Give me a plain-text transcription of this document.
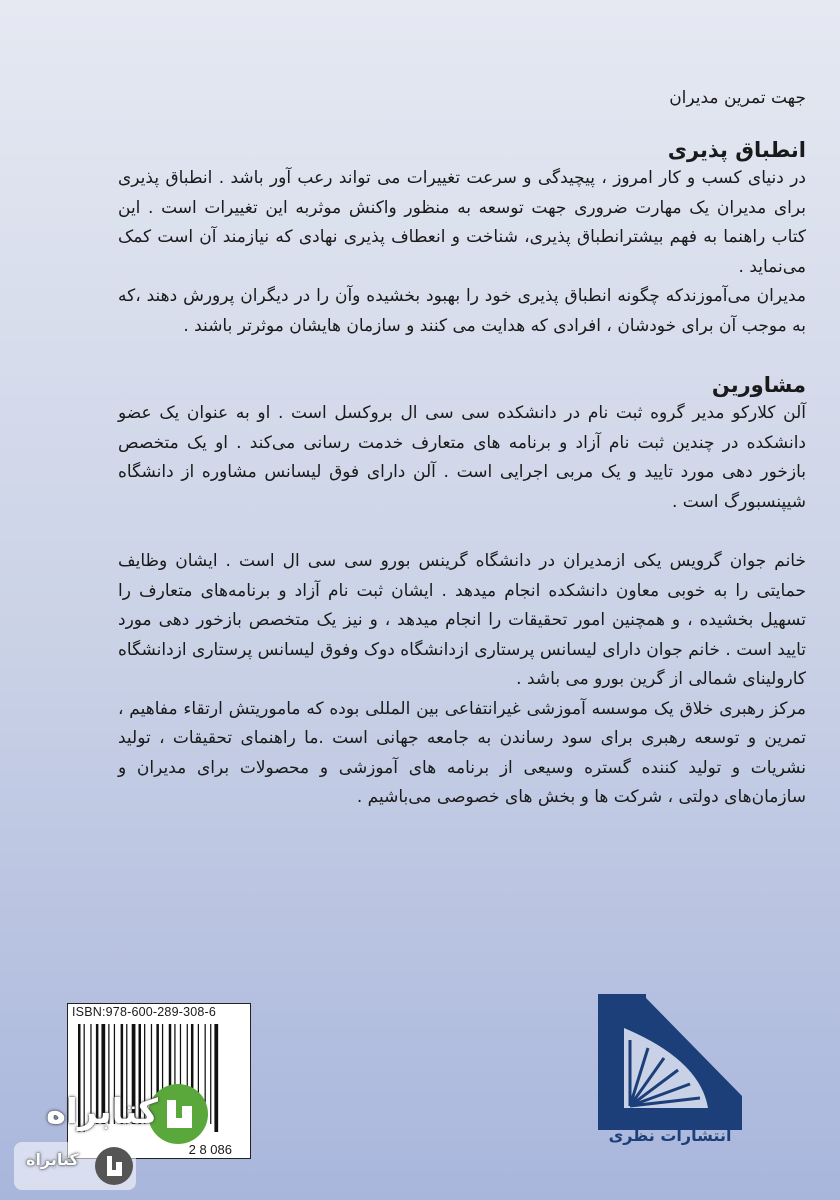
جهت تمرین مدیران
انطباق پذیری

در دنیای کسب و کار امروز ، پیچیدگی و سرعت تغییرات می تواند رعب آور باشد . انطباق پذیری برای مدیران یک مهارت ضروری جهت توسعه به منظور واکنش موثربه این تغییرات است . این کتاب راهنما به فهم بیشترانطباق پذیری، شناخت و انعطاف پذیری نهادی که نیازمند آن است کمک می‌نماید .

مدیران می‌آموزندکه چگونه انطباق پذیری خود را بهبود بخشیده وآن را در دیگران پرورش دهند ،که به موجب آن برای خودشان ، افرادی که هدایت می کنند و سازمان هایشان موثرتر باشند .

مشاورین

آلن کلارکو مدیر گروه ثبت نام در دانشکده سی سی ال بروکسل است . او به عنوان یک عضو دانشکده در چندین ثبت نام آزاد و برنامه های متعارف خدمت رسانی می‌کند . او یک متخصص بازخور دهی مورد تایید و یک مربی اجرایی است . آلن دارای فوق لیسانس مشاوره از دانشگاه شیپنسبورگ است .

خانم جوان گرویس یکی ازمدیران در دانشگاه گرینس بورو سی سی ال است . ایشان وظایف حمایتی را به خوبی معاون دانشکده انجام میدهد . ایشان ثبت نام آزاد و برنامه‌های متعارف را تسهیل بخشیده ، و همچنین امور تحقیقات را انجام میدهد ، و نیز یک متخصص بازخور دهی مورد تایید است . خانم جوان دارای لیسانس پرستاری ازدانشگاه دوک وفوق لیسانس پرستاری ازدانشگاه کارولینای شمالی از گرین بورو می باشد .

مرکز رهبری خلاق یک موسسه آموزشی غیرانتفاعی بین المللی بوده که ماموریتش ارتقاء مفاهیم ، تمرین و توسعه رهبری برای سود رساندن به جامعه جهانی است .ما راهنمای تحقیقات ، تولید نشریات و تولید کننده گستره وسیعی از برنامه های آموزشی و محصولات برای مدیران و سازمان‌های دولتی ، شرکت ها و بخش های خصوصی می‌باشیم .

ISBN:978-600-289-308-6
2 8 086
انتشارات نظری
کتابراه
کتابراه
